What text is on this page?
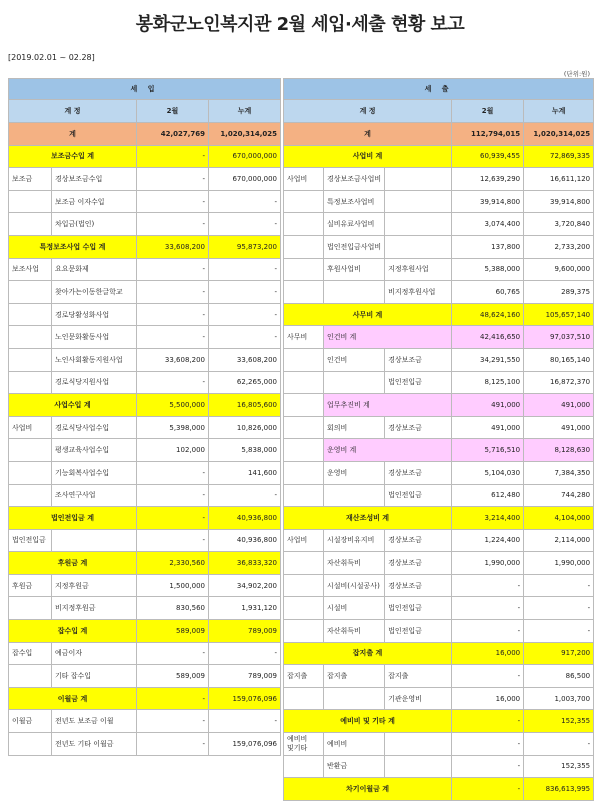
봉화군노인복지관 2월 세입·세출 현황 보고
[2019.02.01 ~ 02.28]
(단위:원)
세 입			
계 정		2월	누계
계		42,027,769	1,020,314,025
보조금수입 계		-	670,000,000
보조금	경상보조금수입	-	670,000,000
	보조금 이자수입	-	-
	차입금(법인)	-	-
특정보조사업 수입 계		33,608,200	95,873,200
보조사업	요요문화제	-	-
	찾아가는이동한글학교	-	-
	경로당활성화사업	-	-
	노인문화활동사업	-	-
	노인사회활동지원사업	33,608,200	33,608,200
	경로식당지원사업	-	62,265,000
사업수입 계		5,500,000	16,805,600
사업비	경로식당사업수입	5,398,000	10,826,000
	평생교육사업수입	102,000	5,838,000
	기능회복사업수입	-	141,600
	조사연구사업	-	-
법인전입금 계		-	40,936,800
법인전입금		-	40,936,800
후원금 계		2,330,560	36,833,320
후원금	지정후원금	1,500,000	34,902,200
	비지정후원금	830,560	1,931,120
잡수입 계		589,009	789,009
잡수입	예금이자	-	-
	기타 잡수입	589,009	789,009
이월금 계		-	159,076,096
이월금	전년도 보조금 이월	-	-
	전년도 기타 이월금	-	159,076,096
세 출				
계 정			2월	누계
계			112,794,015	1,020,314,025
사업비 계			60,939,455	72,869,335
사업비	경상보조금사업비		12,639,290	16,611,120
	특정보조사업비		39,914,800	39,914,800
	실비유료사업비		3,074,400	3,720,840
	법인전입금사업비		137,800	2,733,200
	후원사업비	지정후원사업	5,388,000	9,600,000
		비지정후원사업	60,765	289,375
사무비 계			48,624,160	105,657,140
사무비	인건비 계		42,416,650	97,037,510
	인건비	경상보조금	34,291,550	80,165,140
		법인전입금	8,125,100	16,872,370
	업무추진비 계		491,000	491,000
	회의비	경상보조금	491,000	491,000
	운영비 계		5,716,510	8,128,630
	운영비	경상보조금	5,104,030	7,384,350
		법인전입금	612,480	744,280
재산조성비 계			3,214,400	4,104,000
사업비	시설장비유지비	경상보조금	1,224,400	2,114,000
	자산취득비	경상보조금	1,990,000	1,990,000
	시설비(시설공사)	경상보조금	-	-
	시설비	법인전입금	-	-
	자산취득비	법인전입금	-	-
잡지출 계			16,000	917,200
잡지출	잡지출	잡지출	-	86,500
		기관운영비	16,000	1,003,700
예비비 및 기타 계			-	152,355
예비비 및기타	예비비		-	-
	반환금		-	152,355
차기이월금 계			-	836,613,995
